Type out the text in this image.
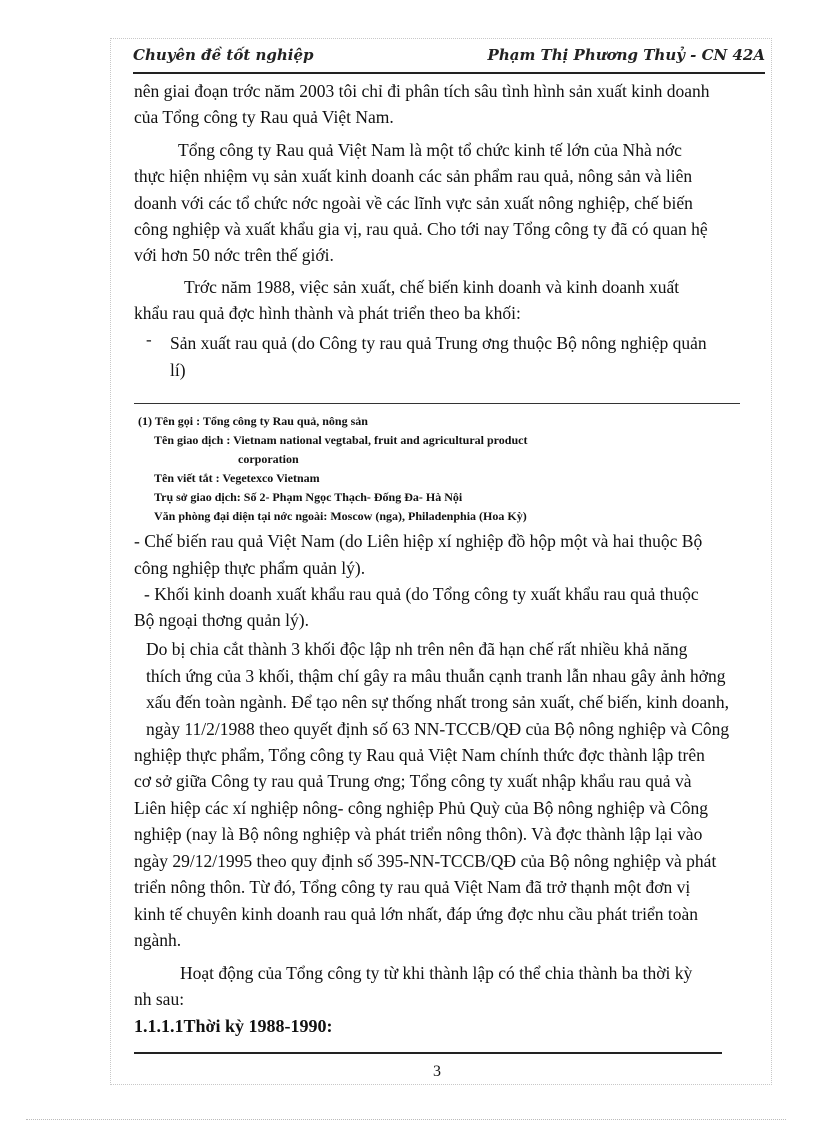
Chuyên đề tốt nghiệp	Phạm Thị Phương Thuỷ - CN 42A
nên giai đoạn trớc năm 2003 tôi chỉ đi phân tích sâu tình hình sản xuất kinh doanh
của Tổng công ty Rau quả Việt Nam.
Tổng công ty Rau quả Việt Nam là một tổ chức kinh tế lớn của Nhà nớc
thực hiện nhiệm vụ sản xuất kinh doanh các sản phẩm rau quả, nông sản và liên
doanh với các tổ chức nớc ngoài về các lĩnh vực sản xuất nông nghiệp, chế biến
công nghiệp và xuất khẩu gia vị, rau quả. Cho tới nay Tổng công ty đã có quan hệ
với hơn 50 nớc trên thế giới.
Trớc năm 1988, việc sản xuất, chế biến kinh doanh và kinh doanh xuất
khẩu rau quả đợc hình thành và phát triển theo ba khối:
- Sản xuất rau quả (do Công ty rau quả Trung ơng thuộc Bộ nông nghiệp quản
lí)
(1) Tên gọi : Tổng công ty Rau quả, nông sản
Tên giao dịch : Vietnam national vegtabal, fruit and agricultural product
corporation
Tên viết tắt : Vegetexco Vietnam
Trụ sở giao dịch: Số 2- Phạm Ngọc Thạch- Đống Đa- Hà Nội
Văn phòng đại diện tại nớc ngoài: Moscow (nga), Philadenphia (Hoa Kỳ)
- Chế biến rau quả Việt Nam (do Liên hiệp xí nghiệp đồ hộp một và hai thuộc Bộ
công nghiệp thực phẩm quản lý).
- Khối kinh doanh xuất khẩu rau quả (do Tổng công ty xuất khẩu rau quả thuộc
Bộ ngoại thơng quản lý).
Do bị chia cắt thành 3 khối độc lập nh trên nên đã hạn chế rất nhiều khả năng
thích ứng của 3 khối, thậm chí gây ra mâu thuẫn cạnh tranh lẫn nhau gây ảnh hởng
xấu đến toàn ngành. Để tạo nên sự thống nhất trong sản xuất, chế biến, kinh doanh,
ngày 11/2/1988 theo quyết định số 63 NN-TCCB/QĐ của Bộ nông nghiệp và Công
nghiệp thực phẩm, Tổng công ty Rau quả Việt Nam chính thức đợc thành lập trên
cơ sở giữa Công ty rau quả Trung ơng; Tổng công ty xuất nhập khẩu rau quả và
Liên hiệp các xí nghiệp nông- công nghiệp Phủ Quỳ của Bộ nông nghiệp và Công
nghiệp (nay là Bộ nông nghiệp và phát triển nông thôn). Và đợc thành lập lại vào
ngày 29/12/1995 theo quy định số 395-NN-TCCB/QĐ của Bộ nông nghiệp và phát
triển nông thôn. Từ đó, Tổng công ty rau quả Việt Nam đã trở thạnh một đơn vị
kinh tế chuyên kinh doanh rau quả lớn nhất, đáp ứng đợc nhu cầu phát triển toàn
ngành.
Hoạt động của Tổng công ty từ khi thành lập có thể chia thành ba thời kỳ
nh sau:
1.1.1.1Thời kỳ 1988-1990:
3
